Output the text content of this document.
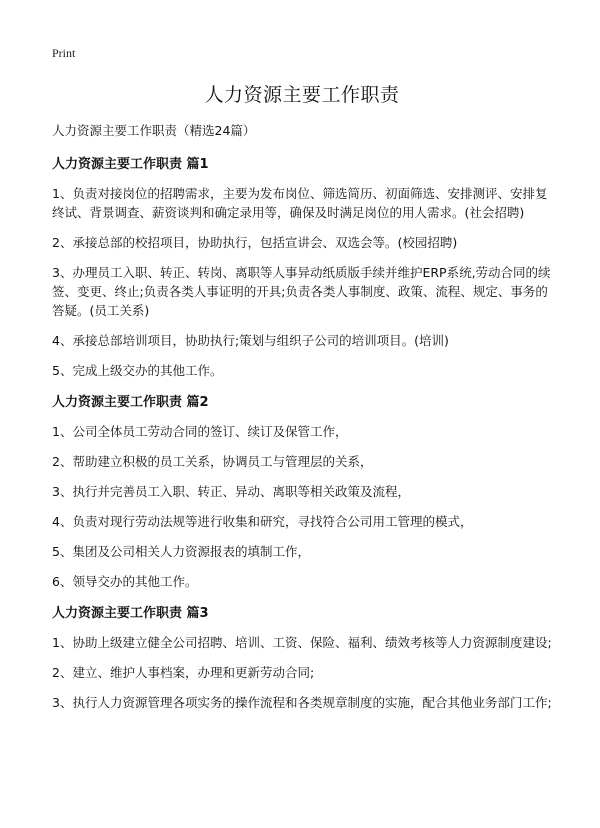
Print
人力资源主要工作职责

人力资源主要工作职责（精选24篇）

人力资源主要工作职责 篇1

1、负责对接岗位的招聘需求，主要为发布岗位、筛选简历、初面筛选、安排测评、安排复终试、背景调查、薪资谈判和确定录用等，确保及时满足岗位的用人需求。(社会招聘)

2、承接总部的校招项目，协助执行，包括宣讲会、双选会等。(校园招聘)

3、办理员工入职、转正、转岗、离职等人事异动纸质版手续并维护ERP系统,劳动合同的续签、变更、终止;负责各类人事证明的开具;负责各类人事制度、政策、流程、规定、事务的答疑。(员工关系)

4、承接总部培训项目，协助执行;策划与组织子公司的培训项目。(培训)

5、完成上级交办的其他工作。

人力资源主要工作职责 篇2

1、公司全体员工劳动合同的签订、续订及保管工作，

2、帮助建立积极的员工关系，协调员工与管理层的关系，

3、执行并完善员工入职、转正、异动、离职等相关政策及流程，

4、负责对现行劳动法规等进行收集和研究，寻找符合公司用工管理的模式，

5、集团及公司相关人力资源报表的填制工作，

6、领导交办的其他工作。

人力资源主要工作职责 篇3

1、协助上级建立健全公司招聘、培训、工资、保险、福利、绩效考核等人力资源制度建设;

2、建立、维护人事档案，办理和更新劳动合同;

3、执行人力资源管理各项实务的操作流程和各类规章制度的实施，配合其他业务部门工作;
